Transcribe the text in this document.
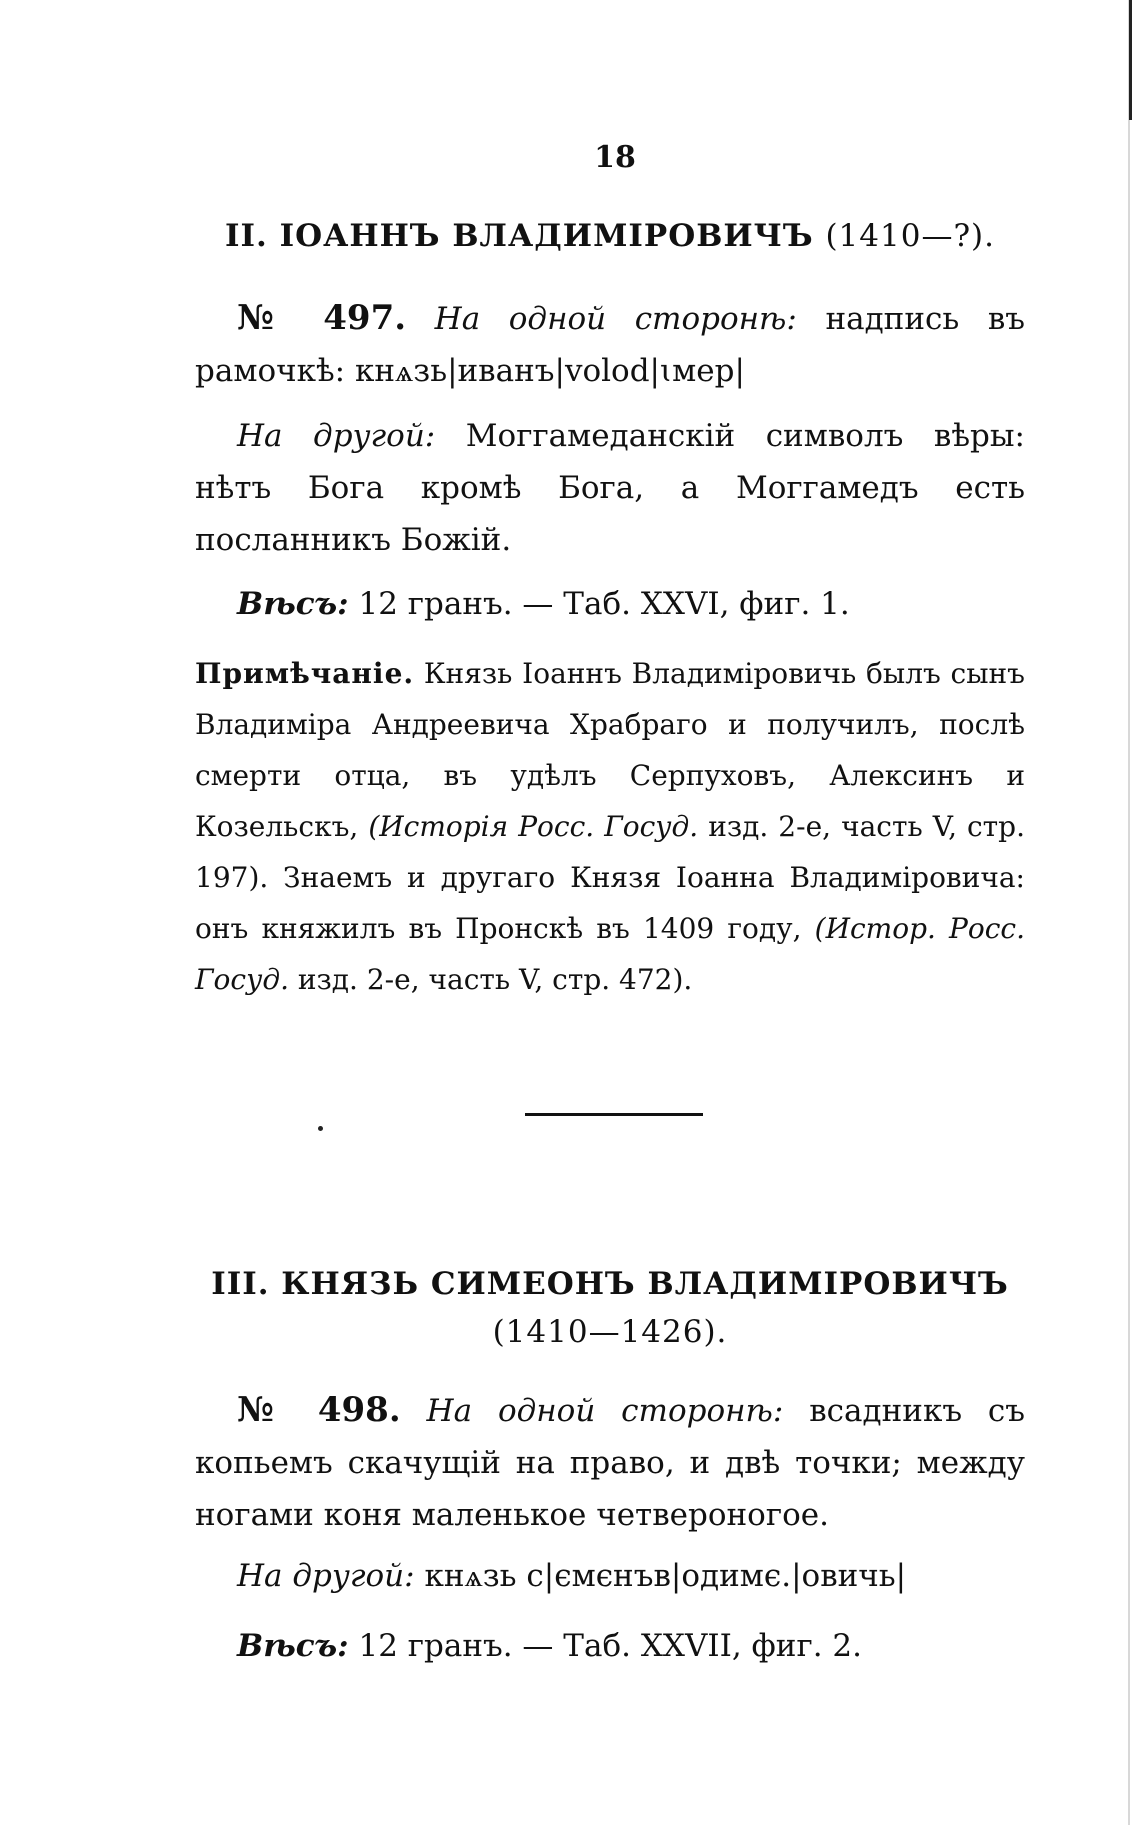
18
II. ІОАННЪ ВЛАДИМІРОВИЧЪ (1410—?).
№ 497. На одной сторонѣ: надпись въ рамочкѣ: кнѧзь|иванъ|volod|ꙇмер|
На другой: Моггамеданскій символъ вѣры: нѣтъ Бога кромѣ Бога, а Моггамедъ есть посланникъ Божій.
Вѣсъ: 12 гранъ. — Таб. XXVI, фиг. 1.
Примѣчаніе. Князь Іоаннъ Владиміровичь былъ сынъ Владиміра Андреевича Храбраго и получилъ, послѣ смерти отца, въ удѣлъ Серпуховъ, Алексинъ и Козельскъ, (Исторія Росс. Госуд. изд. 2-е, часть V, стр. 197). Знаемъ и другаго Князя Іоанна Владиміровича: онъ княжилъ въ Пронскѣ въ 1409 году, (Истор. Росс. Госуд. изд. 2-е, часть V, стр. 472).
III. КНЯЗЬ СИМЕОНЪ ВЛАДИМІРОВИЧЪ
(1410—1426).
№ 498. На одной сторонѣ: всадникъ съ копьемъ скачущій на право, и двѣ точки; между ногами коня маленькое четвероногое.
На другой: кнѧзь с|ємєнъв|одимє.|овичь|
Вѣсъ: 12 гранъ. — Таб. XXVII, фиг. 2.
